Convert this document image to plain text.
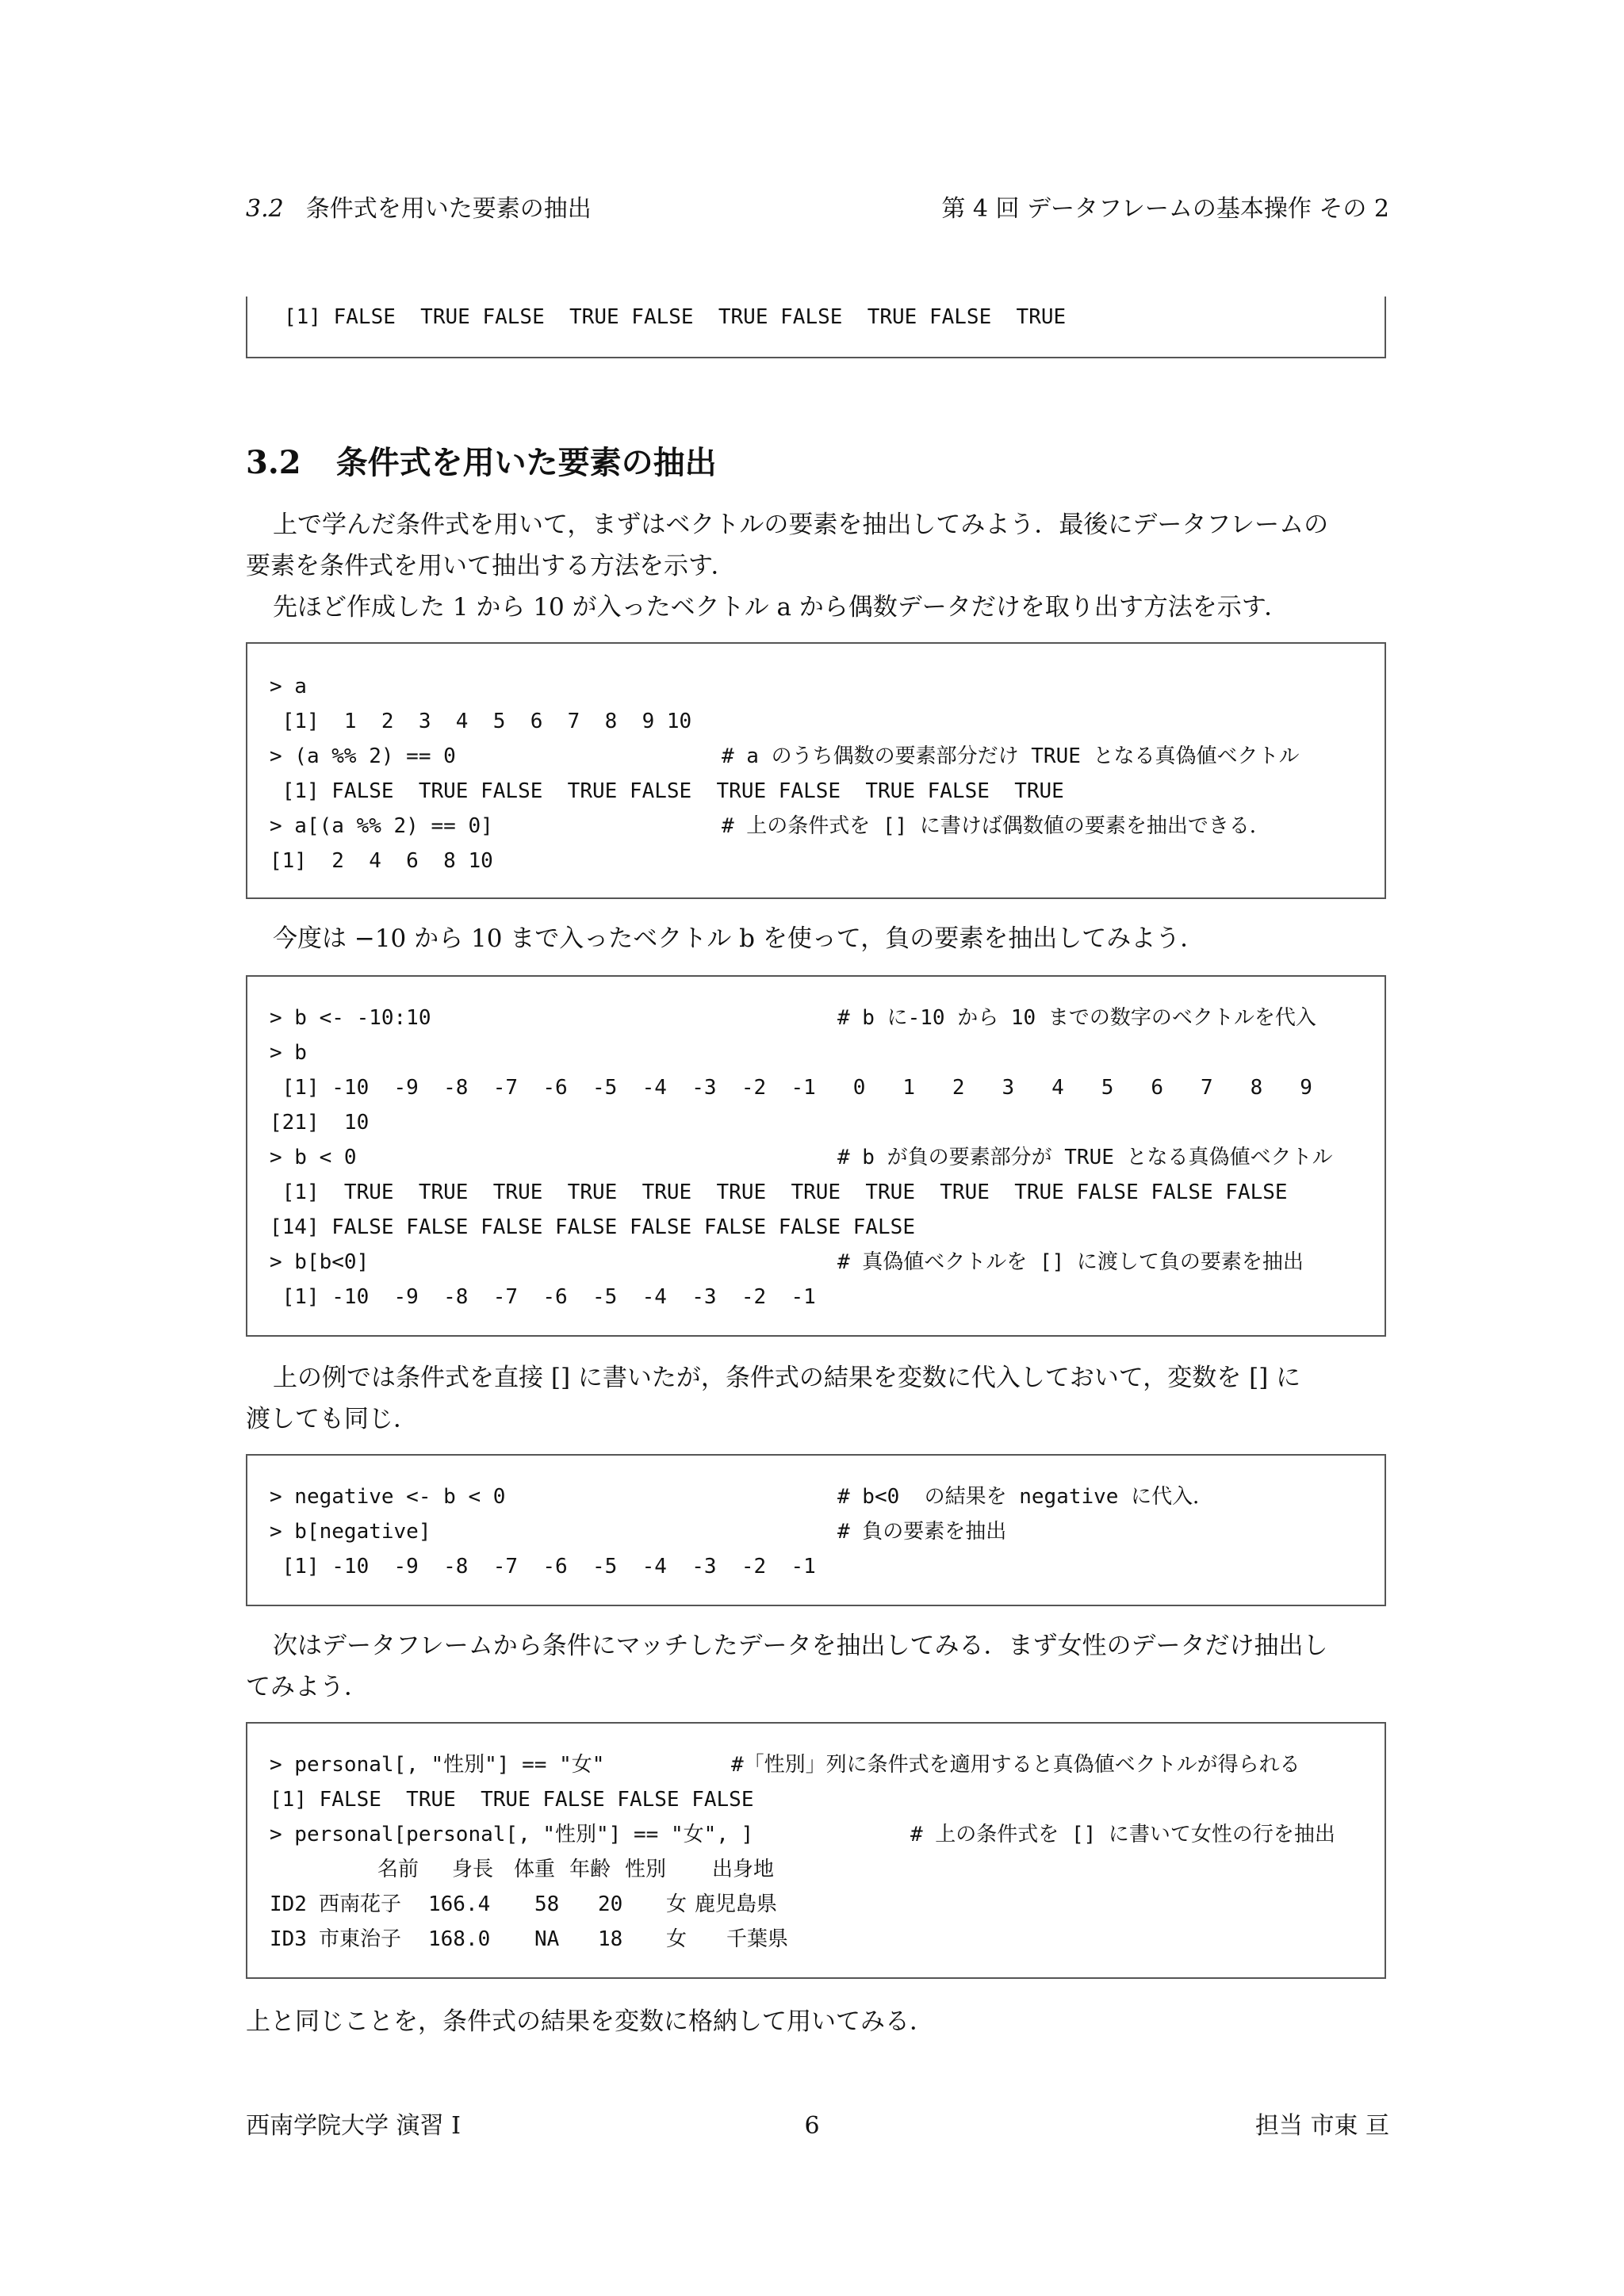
3.2 条件式を用いた要素の抽出	第 4 回 データフレームの基本操作 その 2
[1] FALSE  TRUE FALSE  TRUE FALSE  TRUE FALSE  TRUE FALSE  TRUE
3.2 条件式を用いた要素の抽出
上で学んだ条件式を用いて，まずはベクトルの要素を抽出してみよう．最後にデータフレームの
要素を条件式を用いて抽出する方法を示す．
先ほど作成した 1 から 10 が入ったベクトル a から偶数データだけを取り出す方法を示す．
> a
[1]  1  2  3  4  5  6  7  8  9 10
> (a %% 2) == 0	# a のうち偶数の要素部分だけ TRUE となる真偽値ベクトル
[1] FALSE  TRUE FALSE  TRUE FALSE  TRUE FALSE  TRUE FALSE  TRUE
> a[(a %% 2) == 0]	# 上の条件式を [] に書けば偶数値の要素を抽出できる．
[1]  2  4  6  8 10
今度は −10 から 10 まで入ったベクトル b を使って，負の要素を抽出してみよう．
> b <- -10:10	# b に-10 から 10 までの数字のベクトルを代入
> b
[1] -10  -9  -8  -7  -6  -5  -4  -3  -2  -1   0   1   2   3   4   5   6   7   8   9
[21]  10
> b < 0	# b が負の要素部分が TRUE となる真偽値ベクトル
[1]  TRUE  TRUE  TRUE  TRUE  TRUE  TRUE  TRUE  TRUE  TRUE  TRUE FALSE FALSE FALSE
[14] FALSE FALSE FALSE FALSE FALSE FALSE FALSE FALSE
> b[b<0]	# 真偽値ベクトルを [] に渡して負の要素を抽出
[1] -10  -9  -8  -7  -6  -5  -4  -3  -2  -1
上の例では条件式を直接 [] に書いたが，条件式の結果を変数に代入しておいて，変数を [] に
渡しても同じ．
> negative <- b < 0	# b<0  の結果を negative に代入．
> b[negative]	# 負の要素を抽出
[1] -10  -9  -8  -7  -6  -5  -4  -3  -2  -1
次はデータフレームから条件にマッチしたデータを抽出してみる．まず女性のデータだけ抽出し
てみよう．
> personal[, "性別"] == "女"	#「性別」列に条件式を適用すると真偽値ベクトルが得られる
[1] FALSE  TRUE  TRUE FALSE FALSE FALSE
> personal[personal[, "性別"] == "女", ]	# 上の条件式を [] に書いて女性の行を抽出
名前 身長 体重 年齢 性別 出身地
ID2 西南花子 166.4 58 20 女 鹿児島県
ID3 市東治子 168.0 NA 18 女 千葉県
上と同じことを，条件式の結果を変数に格納して用いてみる．
西南学院大学 演習 I	6	担当 市東 亘
